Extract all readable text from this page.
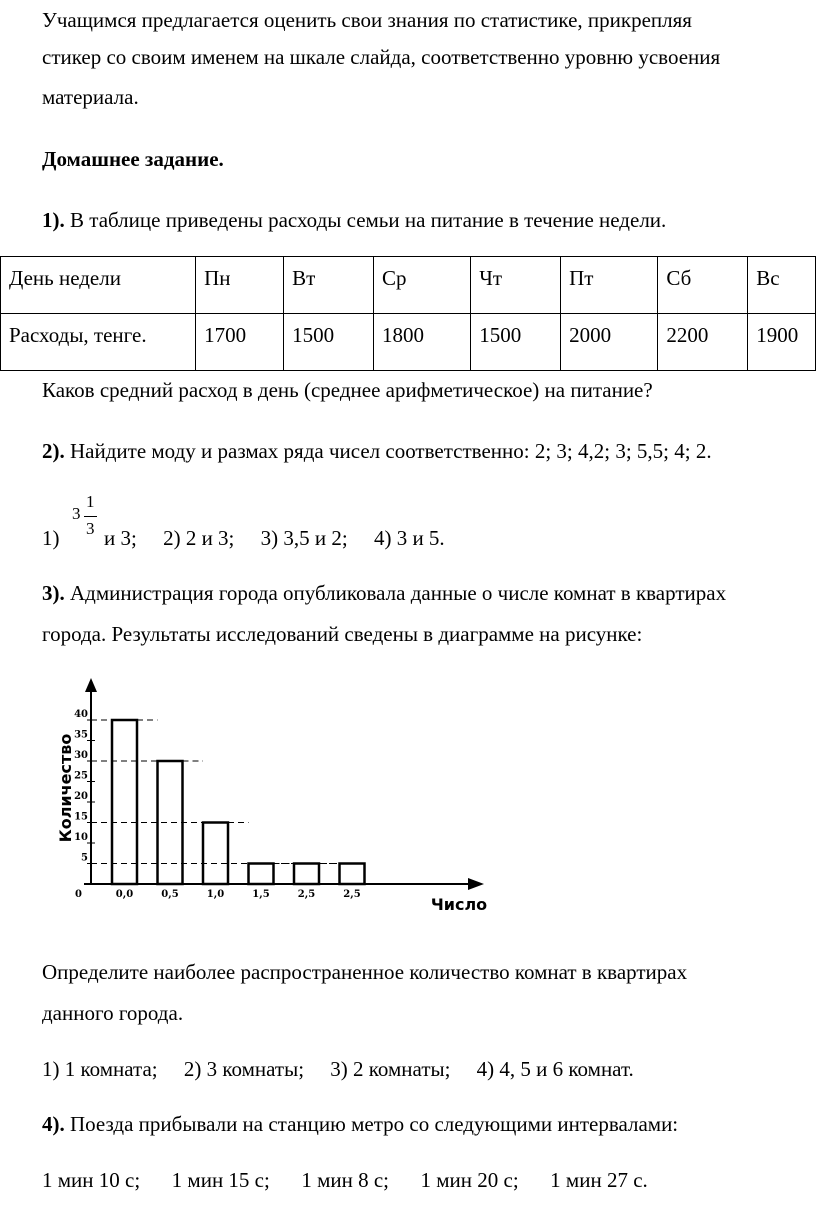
Учащимся предлагается оценить свои знания по статистике, прикрепляя

стикер со своим именем на шкале слайда, соответственно уровню усвоения

материала.

Домашнее задание.

1). В таблице приведены расходы семьи на питание в течение недели.

День недели	Пн	Вт	Ср	Чт	Пт	Сб	Вс
Расходы, тенге.	1700	1500	1800	1500	2000	2200	1900

Каков средний расход в день (среднее арифметическое) на питание?

2). Найдите моду и размах ряда чисел соответственно: 2; 3; 4,2; 3; 5,5; 4; 2.

1)
3
1
3 и 3;     2) 2 и 3;     3) 3,5 и 2;     4) 3 и 5.

3). Администрация города опубликовала данные о числе комнат в квартирах

города. Результаты исследований сведены в диаграмме на рисунке:

0
5
10
15
20
25
30
35
40
0,0	0,5	1,0	1,5	2,5	2,5
Количество
Число

Определите наиболее распространенное количество комнат в квартирах

данного города.

1) 1 комната;     2) 3 комнаты;     3) 2 комнаты;     4) 4, 5 и 6 комнат.

4). Поезда прибывали на станцию метро со следующими интервалами:

1 мин 10 с;      1 мин 15 с;      1 мин 8 с;      1 мин 20 с;      1 мин 27 с.
